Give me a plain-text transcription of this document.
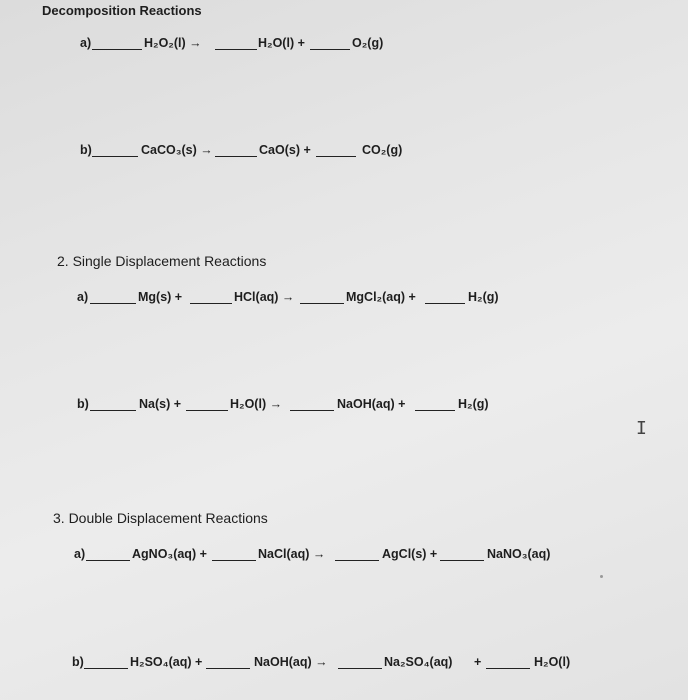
Decomposition Reactions
a)	H₂O₂(l) →	H₂O(l) +	O₂(g)
b)	CaCO₃(s) →	CaO(s) +	CO₂(g)
2. Single Displacement Reactions
a)	Mg(s) +	HCl(aq) →	MgCl₂(aq) +	H₂(g)
b)	Na(s) +	H₂O(l) →	NaOH(aq) +	H₂(g)
I
3. Double Displacement Reactions
a)	AgNO₃(aq) +	NaCl(aq) →	AgCl(s) +	NaNO₃(aq)
b)	H₂SO₄(aq) +	NaOH(aq) →	Na₂SO₄(aq) +	H₂O(l)
